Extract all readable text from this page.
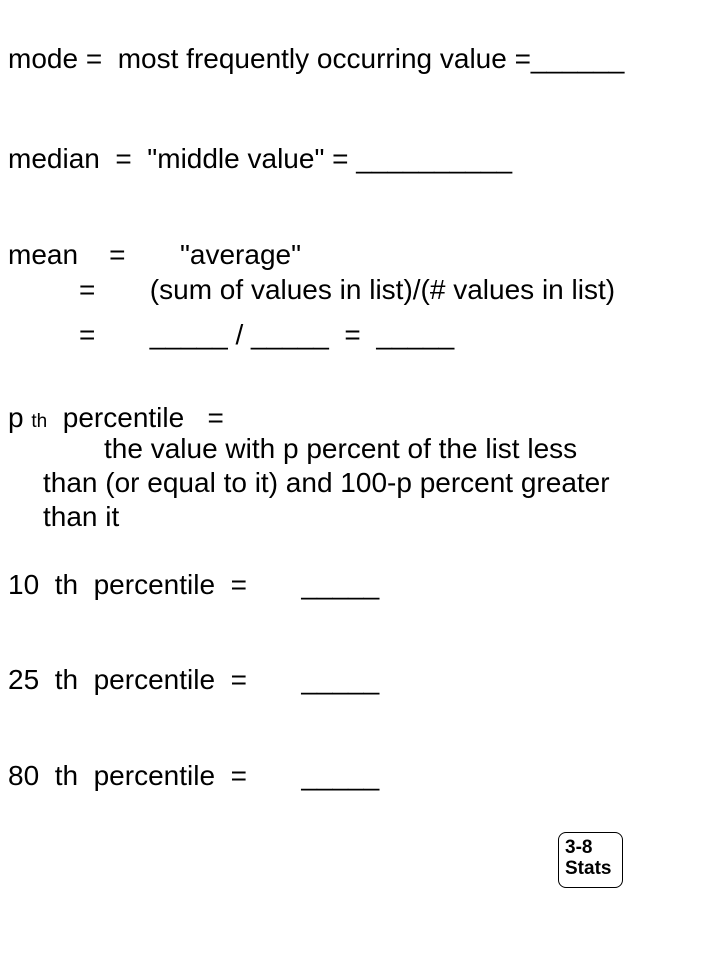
mode =  most frequently occurring value =______
median  =  "middle value" = __________
mean    =       "average"
=       (sum of values in list)/(# values in list)
=       _____ / _____  =  _____
p th  percentile   =
the value with p percent of the list less
than (or equal to it) and 100-p percent greater
than it
10  th  percentile  =       _____
25  th  percentile  =       _____
80  th  percentile  =       _____
3-8
Stats
